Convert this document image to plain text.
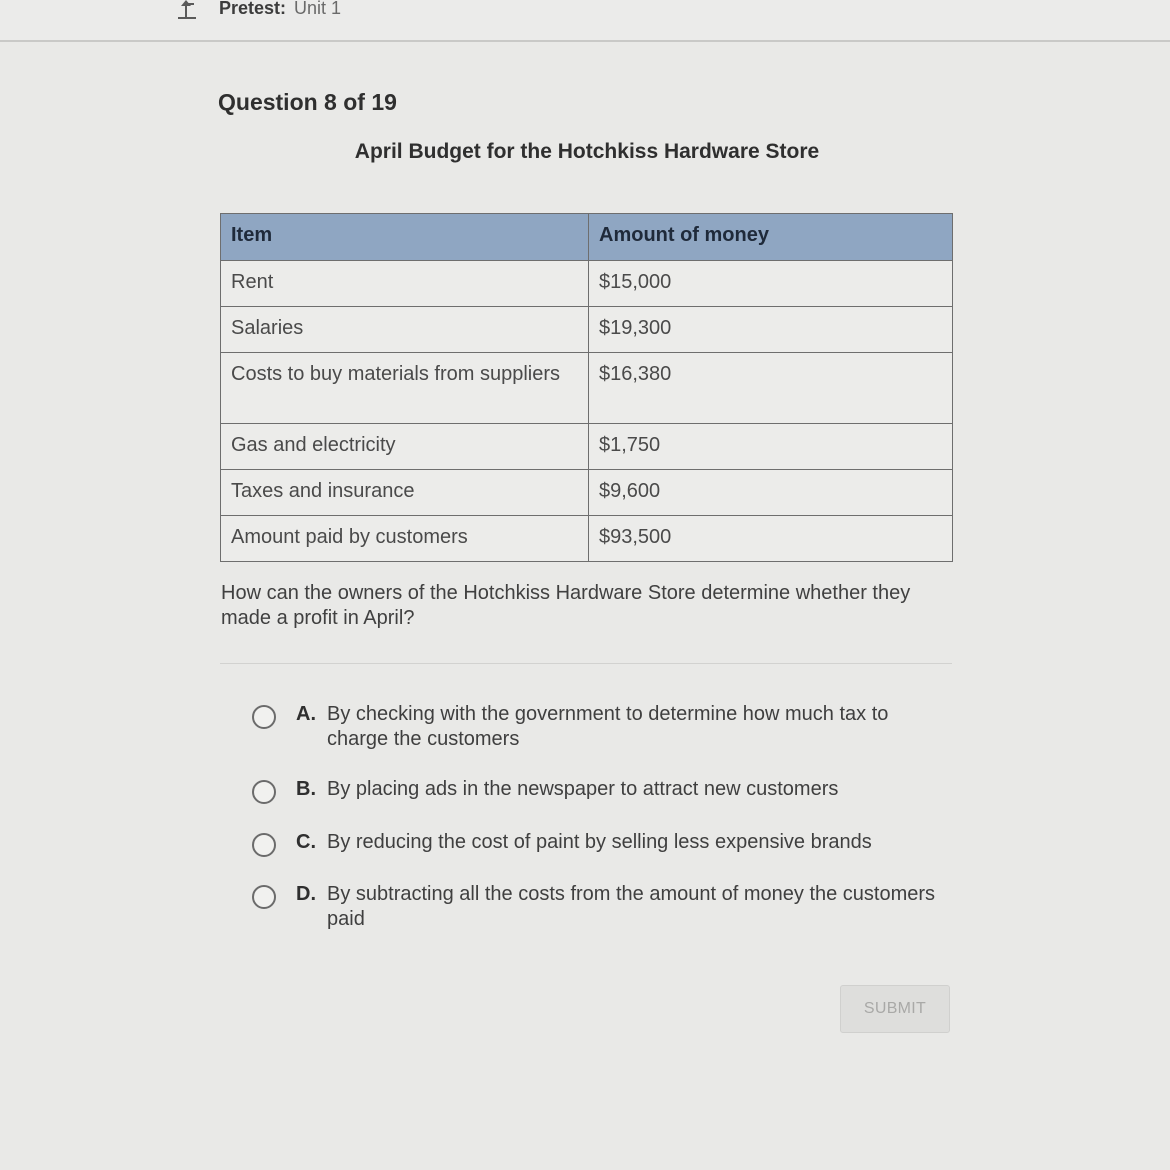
Pretest: Unit 1
Question 8 of 19
April Budget for the Hotchkiss Hardware Store
Item	Amount of money
Rent	$15,000
Salaries	$19,300
Costs to buy materials from suppliers	$16,380
Gas and electricity	$1,750
Taxes and insurance	$9,600
Amount paid by customers	$93,500
How can the owners of the Hotchkiss Hardware Store determine whether they made a profit in April?
A. By checking with the government to determine how much tax to charge the customers
B. By placing ads in the newspaper to attract new customers
C. By reducing the cost of paint by selling less expensive brands
D. By subtracting all the costs from the amount of money the customers paid
SUBMIT
